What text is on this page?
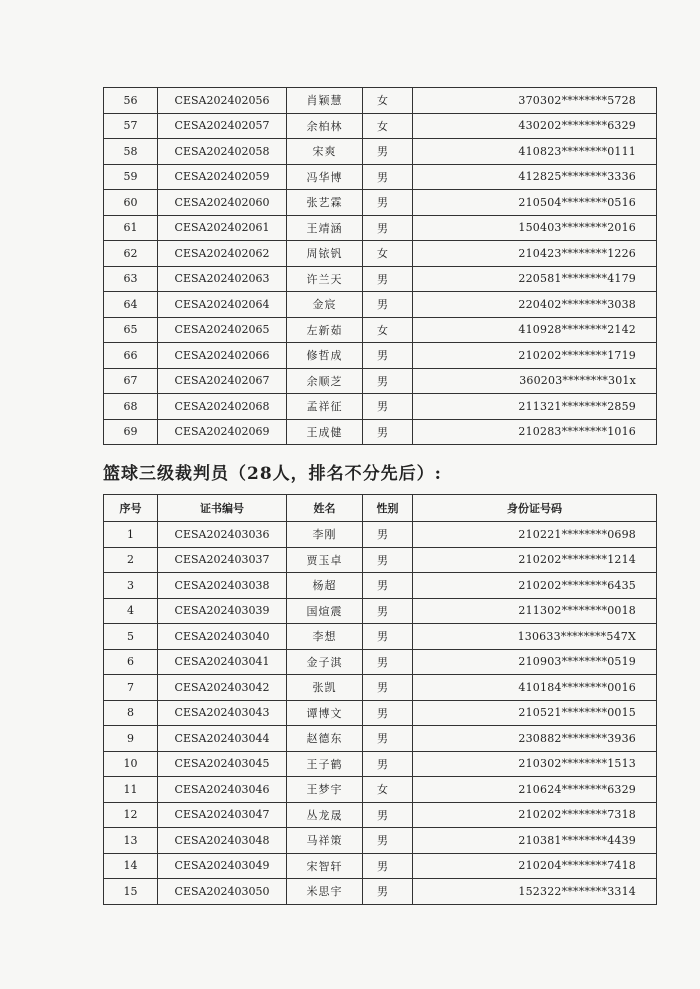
56	CESA202402056	肖颖慧	女	370302********5728
57	CESA202402057	余柏林	女	430202********6329
58	CESA202402058	宋爽	男	410823********0111
59	CESA202402059	冯华博	男	412825********3336
60	CESA202402060	张艺霖	男	210504********0516
61	CESA202402061	王靖涵	男	150403********2016
62	CESA202402062	周铱钒	女	210423********1226
63	CESA202402063	许兰天	男	220581********4179
64	CESA202402064	金宸	男	220402********3038
65	CESA202402065	左新茹	女	410928********2142
66	CESA202402066	修哲成	男	210202********1719
67	CESA202402067	余顺芝	男	360203********301x
68	CESA202402068	孟祥征	男	211321********2859
69	CESA202402069	王成健	男	210283********1016
篮球三级裁判员（28人，排名不分先后）:
序号	证书编号	姓名	性别	身份证号码
1	CESA202403036	李刚	男	210221********0698
2	CESA202403037	贾玉卓	男	210202********1214
3	CESA202403038	杨超	男	210202********6435
4	CESA202403039	国煊震	男	211302********0018
5	CESA202403040	李想	男	130633********547X
6	CESA202403041	金子淇	男	210903********0519
7	CESA202403042	张凯	男	410184********0016
8	CESA202403043	谭博文	男	210521********0015
9	CESA202403044	赵德东	男	230882********3936
10	CESA202403045	王子鹤	男	210302********1513
11	CESA202403046	王梦宇	女	210624********6329
12	CESA202403047	丛龙晟	男	210202********7318
13	CESA202403048	马祥策	男	210381********4439
14	CESA202403049	宋智轩	男	210204********7418
15	CESA202403050	米思宇	男	152322********3314
